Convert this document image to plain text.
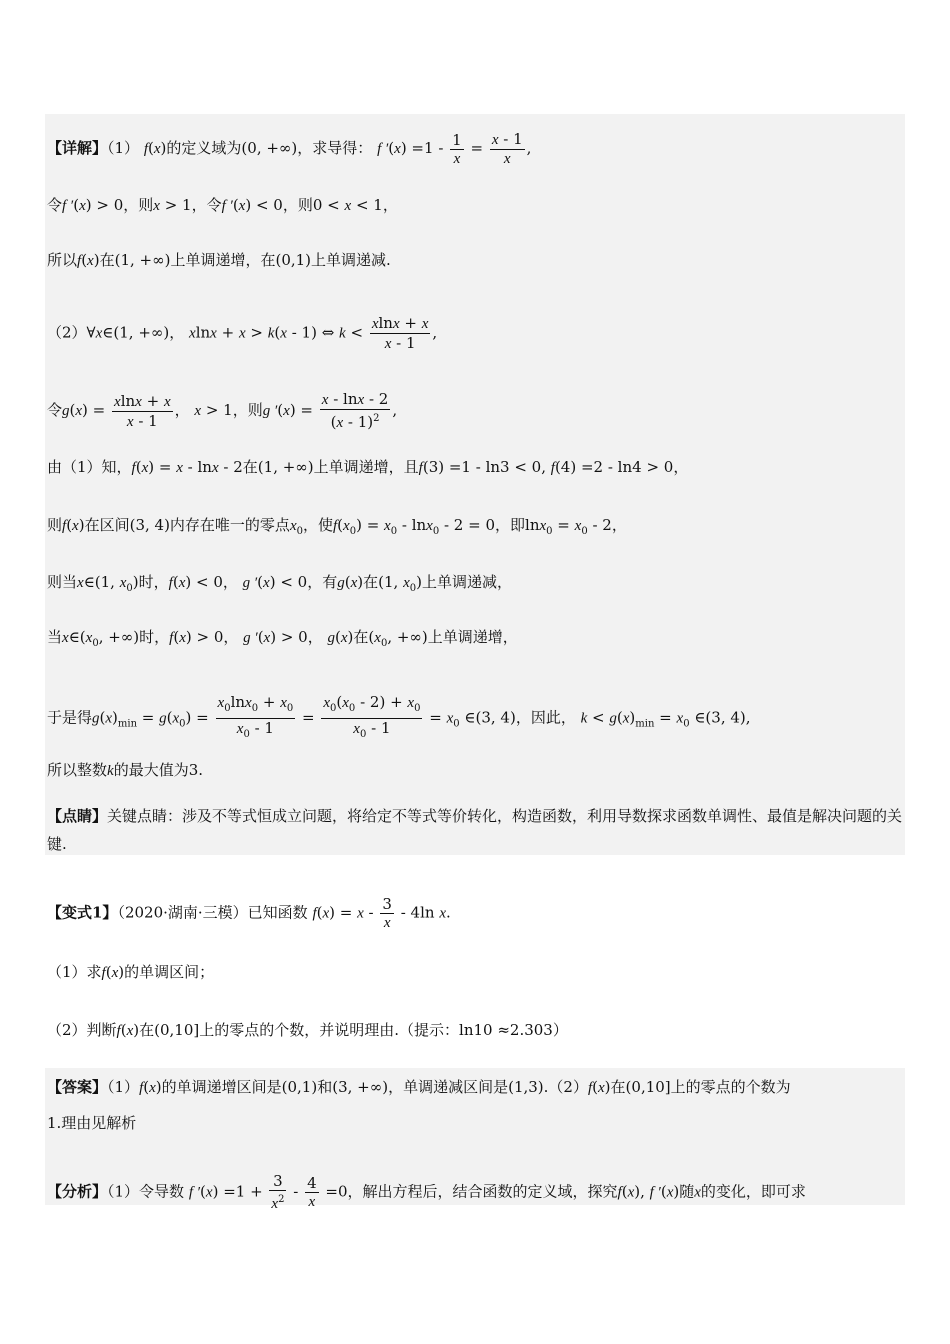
【详解】（1） f(x)的定义域为(0, +∞)，求导得： f $'(x) =1 - \frac{1}{x} = \frac{x - 1}{x}$ ,
令f ′(x) > 0，则x > 1，令f ′(x) < 0，则0 < x < 1，
所以f(x)在(1, +∞)上单调递增，在(0,1)上单调递减.
（2）∀x∈(1, +∞)， xlnx + x > k(x - 1) ⇔ $k < \frac{xlnx + x}{x - 1}$ ,
令$g(x) = \frac{xlnx + x}{x - 1}$ ， x > 1，则g $'(x) = \frac{x - \ln x - 2}{(x - 1)^2}$ ,
由（1）知，f(x) = x - lnx - 2在(1, +∞)上单调递增，且f(3) =1 - ln3 < 0, f(4) =2 - ln4 > 0，
则f(x)在区间(3, 4)内存在唯一的零点$x_0$，使$f(x_0) = x_0 - \ln x_0 - 2 = 0$，即$\ln x_0 = x_0 - 2$，
则当x∈(1, $x_0$)时，f(x) < 0， g ′(x) < 0，有g(x)在(1, $x_0$)上单调递减，
当$x\in(x_0$, +∞)时，f(x) > 0， g ′(x) > 0， g(x)在($x_0$, +∞)上单调递增，
于是得$g(x)_{min} = g(x_0) = \frac{x_0\ln x_0 + x_0}{x_0 - 1} = \frac{x_0(x_0 - 2) + x_0}{x_0 - 1} = x_0$ ∈(3, 4)，因此， $k < g(x)_{min} = x_0$ ∈(3, 4),
所以整数k的最大值为3.
【点睛】关键点睛：涉及不等式恒成立问题，将给定不等式等价转化，构造函数，利用导数探求函数单调性、最值是解决问题的关键.
【变式1】（2020·湖南·三模）已知函数 $f(x) = x - \frac{3}{x} - 4\ln$ x.
（1）求f(x)的单调区间；
（2）判断f(x)在(0,10]上的零点的个数，并说明理由.（提示：ln10 ≈2.303）
【答案】（1）f(x)的单调递增区间是(0,1)和(3, +∞)，单调递减区间是(1,3).（2）f(x)在(0,10]上的零点的个数为
1.理由见解析
【分析】（1）令导数 f $'(x) =1 + \frac{3}{x^2} - \frac{4}{x} =0$，解出方程后，结合函数的定义域，探究f(x), f ′(x)随x的变化，即可求
